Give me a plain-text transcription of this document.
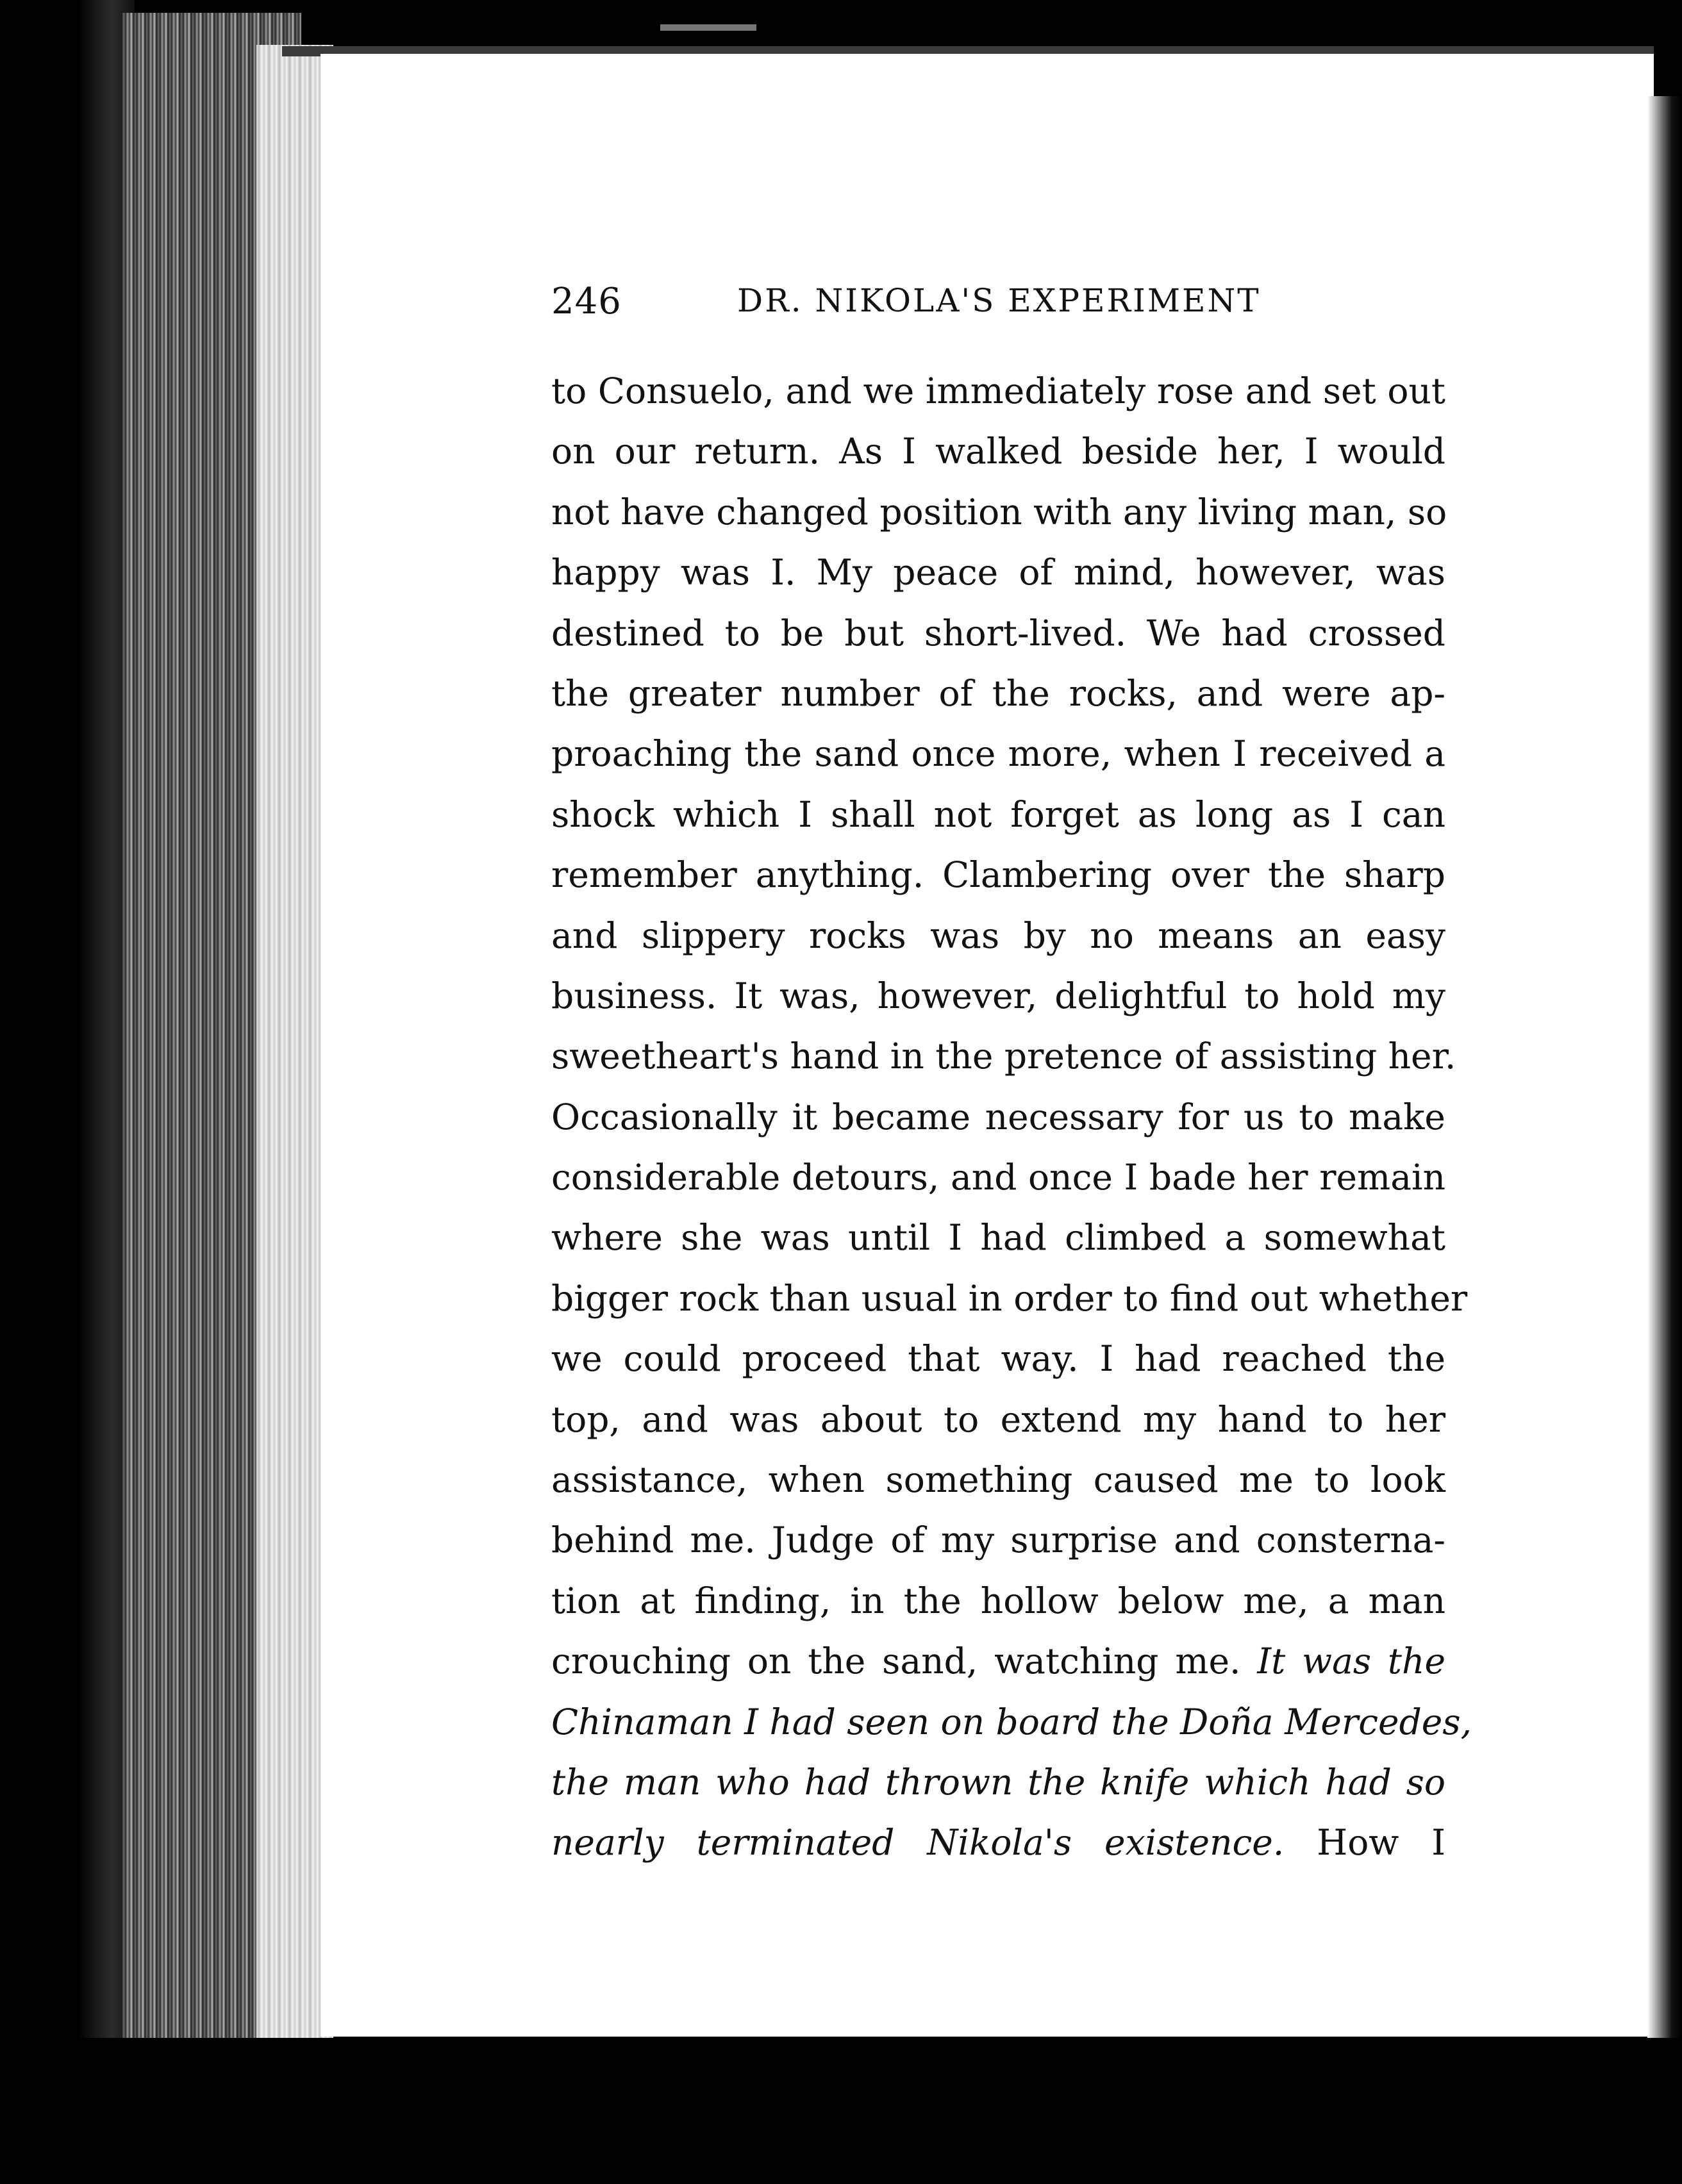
246	DR. NIKOLA'S EXPERIMENT
to Consuelo, and we immediately rose and set out
on our return. As I walked beside her, I would
not have changed position with any living man, so
happy was I. My peace of mind, however, was
destined to be but short-lived. We had crossed
the greater number of the rocks, and were ap-
proaching the sand once more, when I received a
shock which I shall not forget as long as I can
remember anything. Clambering over the sharp
and slippery rocks was by no means an easy
business. It was, however, delightful to hold my
sweetheart's hand in the pretence of assisting her.
Occasionally it became necessary for us to make
considerable detours, and once I bade her remain
where she was until I had climbed a somewhat
bigger rock than usual in order to find out whether
we could proceed that way. I had reached the
top, and was about to extend my hand to her
assistance, when something caused me to look
behind me. Judge of my surprise and consterna-
tion at finding, in the hollow below me, a man
crouching on the sand, watching me. It was the
Chinaman I had seen on board the Doña Mercedes,
the man who had thrown the knife which had so
nearly terminated Nikola's existence. How I
